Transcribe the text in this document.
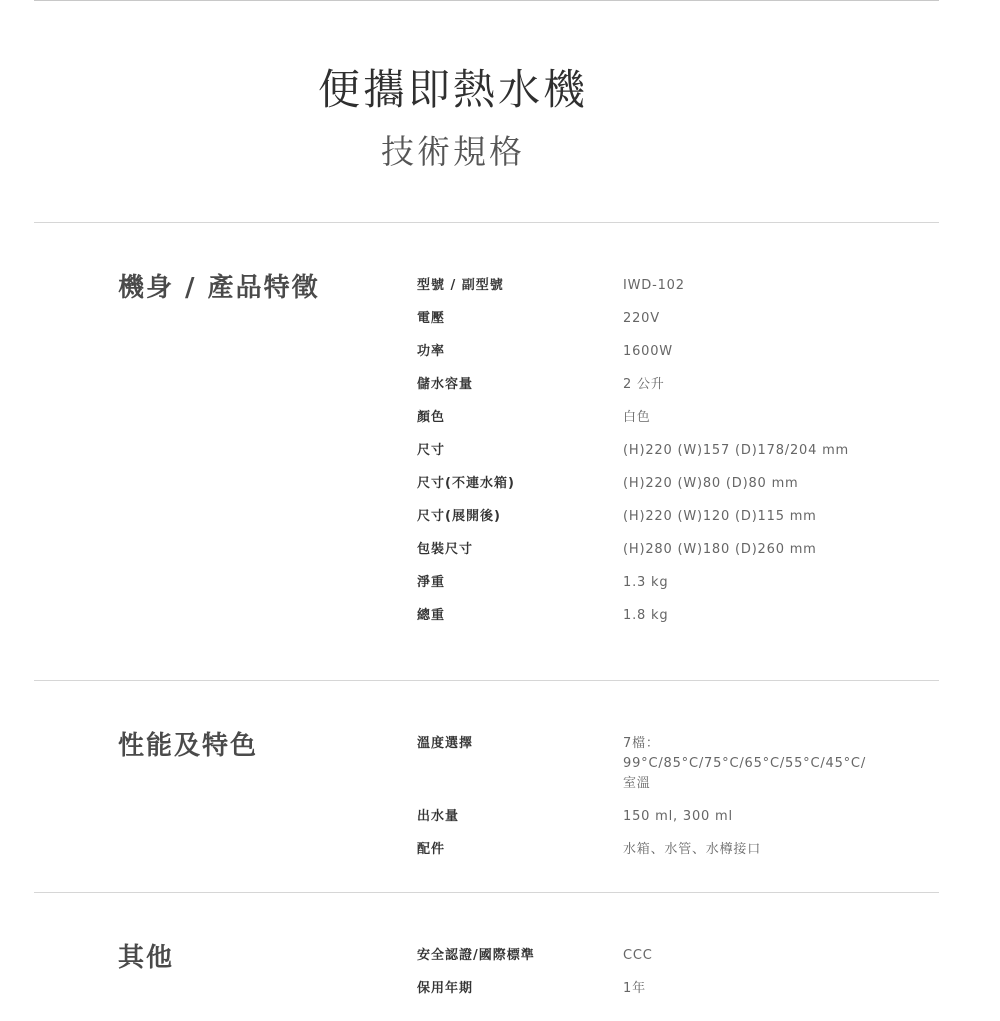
便攜即熱水機
技術規格
機身 / 產品特徵	型號 / 副型號	IWD-102
電壓	220V
功率	1600W
儲水容量	2 公升
顏色	白色
尺寸	(H)220 (W)157 (D)178/204 mm
尺寸(不連水箱)	(H)220 (W)80 (D)80 mm
尺寸(展開後)	(H)220 (W)120 (D)115 mm
包裝尺寸	(H)280 (W)180 (D)260 mm
淨重	1.3 kg
總重	1.8 kg
性能及特色	溫度選擇	7檔：99°C/85°C/75°C/65°C/55°C/45°C/室溫
出水量	150 ml, 300 ml
配件	水箱、水管、水樽接口
其他	安全認證/國際標準	CCC
保用年期	1年
